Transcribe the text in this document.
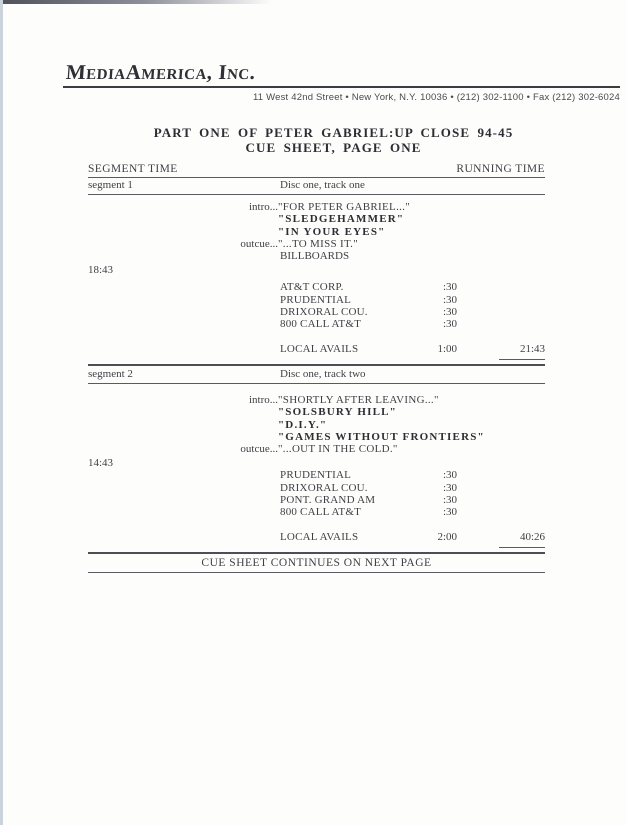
MediaAmerica, Inc.
11 West 42nd Street • New York, N.Y. 10036 • (212) 302-1100 • Fax (212) 302-6024
PART ONE OF PETER GABRIEL:UP CLOSE 94-45
CUE SHEET, PAGE ONE
SEGMENT TIME	RUNNING TIME
segment 1	Disc one, track one
intro... "FOR PETER GABRIEL..."
"SLEDGEHAMMER"
"IN YOUR EYES"
outcue... "...TO MISS IT."
BILLBOARDS
18:43
AT&T CORP.	:30
PRUDENTIAL	:30
DRIXORAL COU.	:30
800 CALL AT&T	:30
LOCAL AVAILS	1:00	21:43
segment 2	Disc one, track two
intro... "SHORTLY AFTER LEAVING..."
"SOLSBURY HILL"
"D.I.Y."
"GAMES WITHOUT FRONTIERS"
outcue... "...OUT IN THE COLD."
14:43
PRUDENTIAL	:30
DRIXORAL COU.	:30
PONT. GRAND AM	:30
800 CALL AT&T	:30
LOCAL AVAILS	2:00	40:26
CUE SHEET CONTINUES ON NEXT PAGE
